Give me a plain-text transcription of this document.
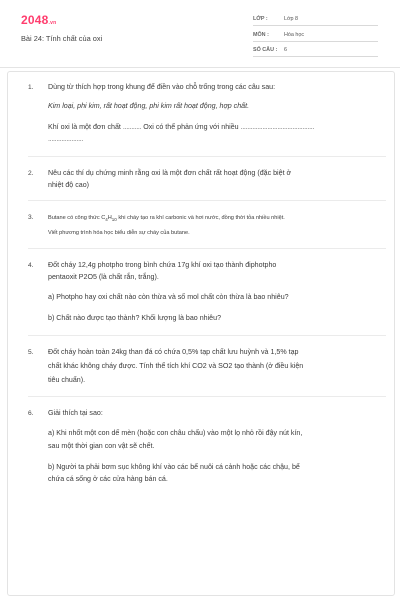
2048.vn
Bài 24: Tính chất của oxi
LỚP :	Lớp 8
MÔN :	Hóa học
SỐ CÂU : 6
1. Dùng từ thích hợp trong khung để điền vào chỗ trống trong các câu sau:
Kim loại, phi kim, rất hoạt động, phi kim rất hoạt động, hợp chất.
Khí oxi là một đơn chất ........... Oxi có thể phản ứng với nhiều ............................................
.....................
2. Nêu các thí dụ chứng minh rằng oxi là một đơn chất rất hoạt động (đặc biệt ở
nhiệt độ cao)
3.	Butane có công thức $C_4H_{10}$ khi cháy tạo ra khí carbonic và hơi nước, đồng thời tỏa nhiều nhiệt.
Viết phương trình hóa học biểu diễn sự cháy của butane.
4. Đốt cháy 12,4g photpho trong bình chứa 17g khí oxi tạo thành điphotpho
pentaoxit P2O5 (là chất rắn, trắng).
a) Photpho hay oxi chất nào còn thừa và số mol chất còn thừa là bao nhiêu?
b) Chất nào được tạo thành? Khối lượng là bao nhiêu?
5. Đốt cháy hoàn toàn 24kg than đá có chứa 0,5% tạp chất lưu huỳnh và 1,5% tạp
chất khác không cháy được. Tính thể tích khí CO2 và SO2 tạo thành (ở điều kiện
tiêu chuẩn).
6. Giải thích tại sao:
a) Khi nhốt một con dế mèn (hoặc con châu chấu) vào một lọ nhỏ rồi đậy nút kín,
sau một thời gian con vật sẽ chết.
b) Người ta phải bơm sục không khí vào các bể nuôi cá cảnh hoặc các chậu, bể
chứa cá sống ở các cửa hàng bán cá.
